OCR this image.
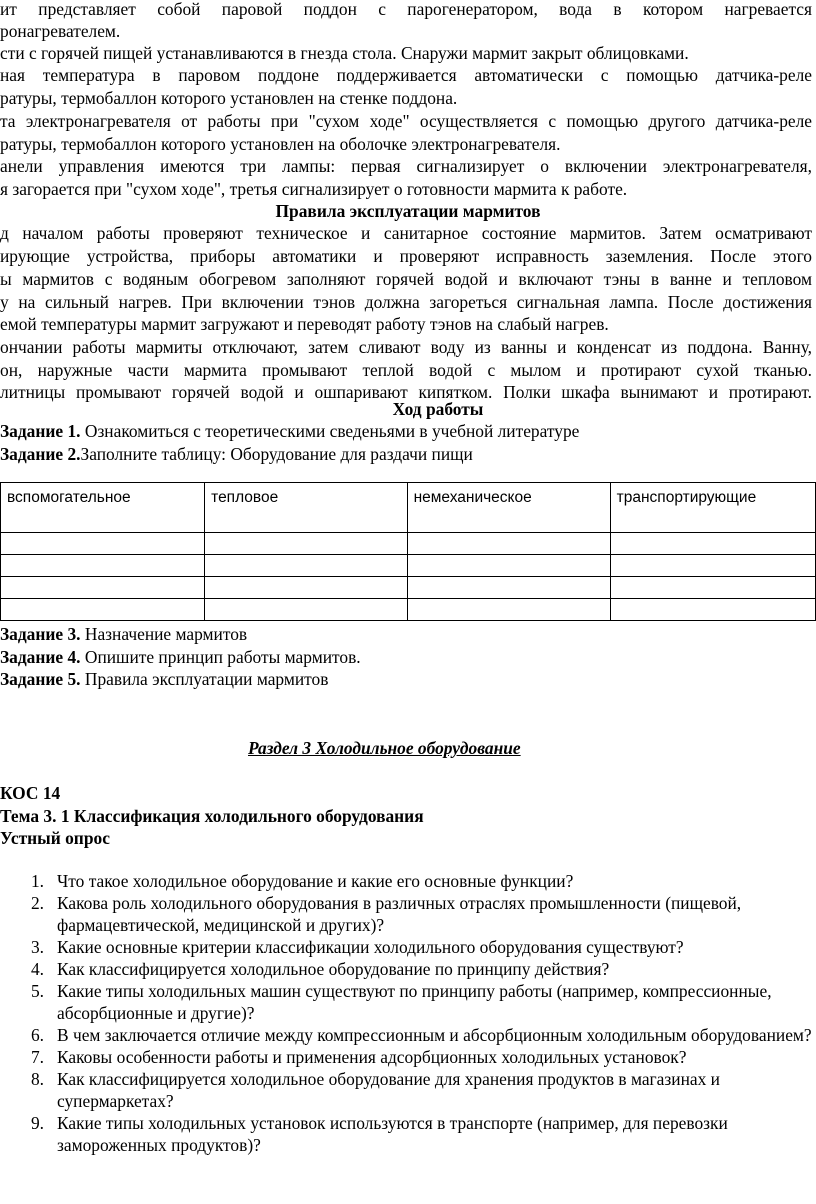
ит представляет собой паровой поддон с парогенератором, вода в котором нагревается
ронагревателем.
сти с горячей пищей устанавливаются в гнезда стола. Снаружи мармит закрыт облицовками.
ная температура в паровом поддоне поддерживается автоматически с помощью датчика-реле
ратуры, термобаллон которого установлен на стенке поддона.
та электронагревателя от работы при "сухом ходе" осуществляется с помощью другого датчика-реле
ратуры, термобаллон которого установлен на оболочке электронагревателя.
анели управления имеются три лампы: первая сигнализирует о включении электронагревателя,
я загорается при "сухом ходе", третья сигнализирует о готовности мармита к работе.
Правила эксплуатации мармитов
д началом работы проверяют техническое и санитарное состояние мармитов. Затем осматривают
ирующие устройства, приборы автоматики и проверяют исправность заземления. После этого
ы мармитов с водяным обогревом заполняют горячей водой и включают тэны в ванне и тепловом
у на сильный нагрев. При включении тэнов должна загореться сигнальная лампа. После достижения
емой температуры мармит загружают и переводят работу тэнов на слабый нагрев.
ончании работы мармиты отключают, затем сливают воду из ванны и конденсат из поддона. Ванну,
он, наружные части мармита промывают теплой водой с мылом и протирают сухой тканью.
литницы промывают горячей водой и ошпаривают кипятком. Полки шкафа вынимают и протирают.
Ход работы
Задание 1. Ознакомиться с теоретическими сведеньями в учебной литературе
Задание 2.Заполните таблицу: Оборудование для раздачи пищи
вспомогательное	тепловое	немеханическое	транспортирующие

Задание 3. Назначение мармитов
Задание 4. Опишите принцип работы мармитов.
Задание 5. Правила эксплуатации мармитов
Раздел 3 Холодильное оборудование
КОС 14
Тема 3. 1 Классификация холодильного оборудования
Устный опрос
1. Что такое холодильное оборудование и какие его основные функции?
2. Какова роль холодильного оборудования в различных отраслях промышленности (пищевой, фармацевтической, медицинской и других)?
3. Какие основные критерии классификации холодильного оборудования существуют?
4. Как классифицируется холодильное оборудование по принципу действия?
5. Какие типы холодильных машин существуют по принципу работы (например, компрессионные, абсорбционные и другие)?
6. В чем заключается отличие между компрессионным и абсорбционным холодильным оборудованием?
7. Каковы особенности работы и применения адсорбционных холодильных установок?
8. Как классифицируется холодильное оборудование для хранения продуктов в магазинах и супермаркетах?
9. Какие типы холодильных установок используются в транспорте (например, для перевозки замороженных продуктов)?
